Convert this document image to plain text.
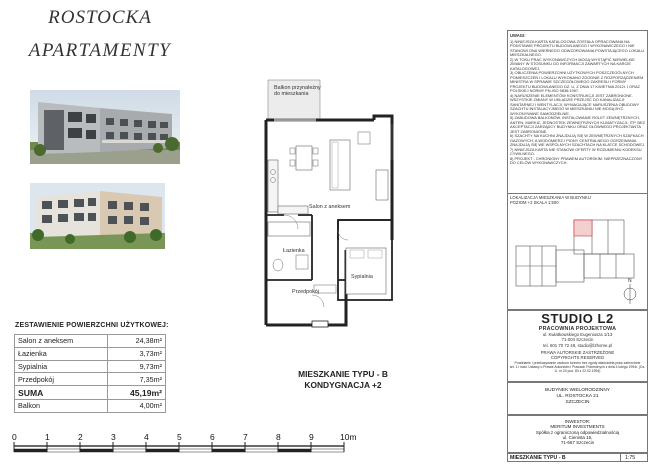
ROSTOCKA
APARTAMENTY
Balkon przynależny
do mieszkania
Salon z aneksem
Łazienka
Sypialnia
Przedpokój
ZESTAWIENIE POWIERZCHNI UŻYTKOWEJ:
Salon z aneksem	24,38m²
Łazienka	3,73m²
Sypialnia	9,73m²
Przedpokój	7,35m²
SUMA	45,19m²
Balkon	4,00m²
MIESZKANIE TYPU - B
KONDYGNACJA +2
0	1	2	3	4	5	6	7	8	9	10m
UWAGI:
1) NINIEJSZA KARTA KATALOGOWA ZOSTAŁA OPRACOWANA NA PODSTAWIE PROJEKTU BUDOWLANEGO I WYKONAWCZEGO I NIE STANOWI ONA WIERNEGO ODWZOROWANIA POWSTAJĄCEGO LOKALU MIESZKALNEGO.
2) W TOKU PRAC WYKONAWCZYCH MOGĄ WYSTĄPIĆ NIEWIELKIE ZMIANY W STOSUNKU DO INFORMACJI ZAWARTYCH NA KARCIE KATALOGOWEJ.
3) OBLICZENIA POWIERZCHNI UŻYTKOWYCH POSZCZEGÓLNYCH POMIESZCZEŃ I LOKALU WYKONANO ZGODNIE Z ROZPORZĄDZENIEM MINISTRA W SPRAWIE SZCZEGÓŁOWEGO ZAKRESU I FORMY PROJEKTU BUDOWLANEGO DZ. U. Z DNIA 17 KWIETNIA 2012r. I ORAZ POLSKIEJ NORMY PN-ISO 9836:1997.
4) NARUSZENIE ELEMENTÓW KONSTRUKCJI JEST ZABRONIONE.
WSZYSTKIE ZMIANY W UKŁADZIE PRZEJŚĆ DO KANALIZACJI SANITARNEJ I WENTYLACJI, WYMAGAJĄCE NARUSZENIA OBUDOWY SZACHTU INSTALACYJNEGO W MIESZKANIU NIE MOGĄ BYĆ WYKONYWANE SAMODZIELNIE.
5) ZABUDOWA BALKONÓW, INSTALOWANIE ROLET ZEWNĘTRZNYCH, ANTEN, MARKIZ, JEDNOSTEK ZEWNĘTRZNYCH KLIMATYZACJI, ITP. BEZ AKCEPTACJI ZARZĄDCY BUDYNKU ORAZ GŁÓWNEGO PROJEKTANTA JEST ZABRONIONE.
6) SZACHTY NA KUCHNI ZNAJDUJĄ SIĘ W ZEWNĘTRZNYCH SZAFKACH GAZOWYCH, A WODOMIERZ I PIONY CENTRALNEGO OGRZEWANIA ZNAJDUJĄ SIĘ WE WSPÓLNYCH SZACHTACH NA KLATCE SCHODOWEJ.
7) NINIEJSZA KARTA NIE STANOWI OFERTY W ROZUMIENIU KODEKSU CYWILNEGO.
8) PROJEKT - CHRONIONY PRAWEM AUTORSKIM. NIEPRZEZNACZONY DO CELÓW WYKONAWCZYCH.
LOKALIZACJA MIESZKANIA W BUDYNKU
POZIOM +2 SKALA 1:500
N
STUDIO L2
PRACOWNIA PROJEKTOWA
ul. Kwiatkowskiego Eugeniusza 1/13
71-004 Szczecin
tel. 601 70 72 48, studio@l2home.pl
PRAWA AUTORSKIE ZASTRZEŻONE
COPYRIGHTS RESERVED
Powielanie i przekazywanie osobom trzecim bez zgody właściciela praw zabronione
art. 1 i nast. Ustawy o Prawie Autorskim i Prawach Pokrewnych z dnia 4 lutego 1994r. (Dz. U. nr 24 poz. 83 z 22.02.1994)
BUDYNEK WIELORODZINNY
UL. ROSTOCKA 21
SZCZECIN
INWESTOR:
MERITUM INVESTMENTS
Spółka z ograniczoną odpowiedzialnością
ul. Cienista 16,
71-667 Szczecin
MIESZKANIE TYPU - B	1:75
